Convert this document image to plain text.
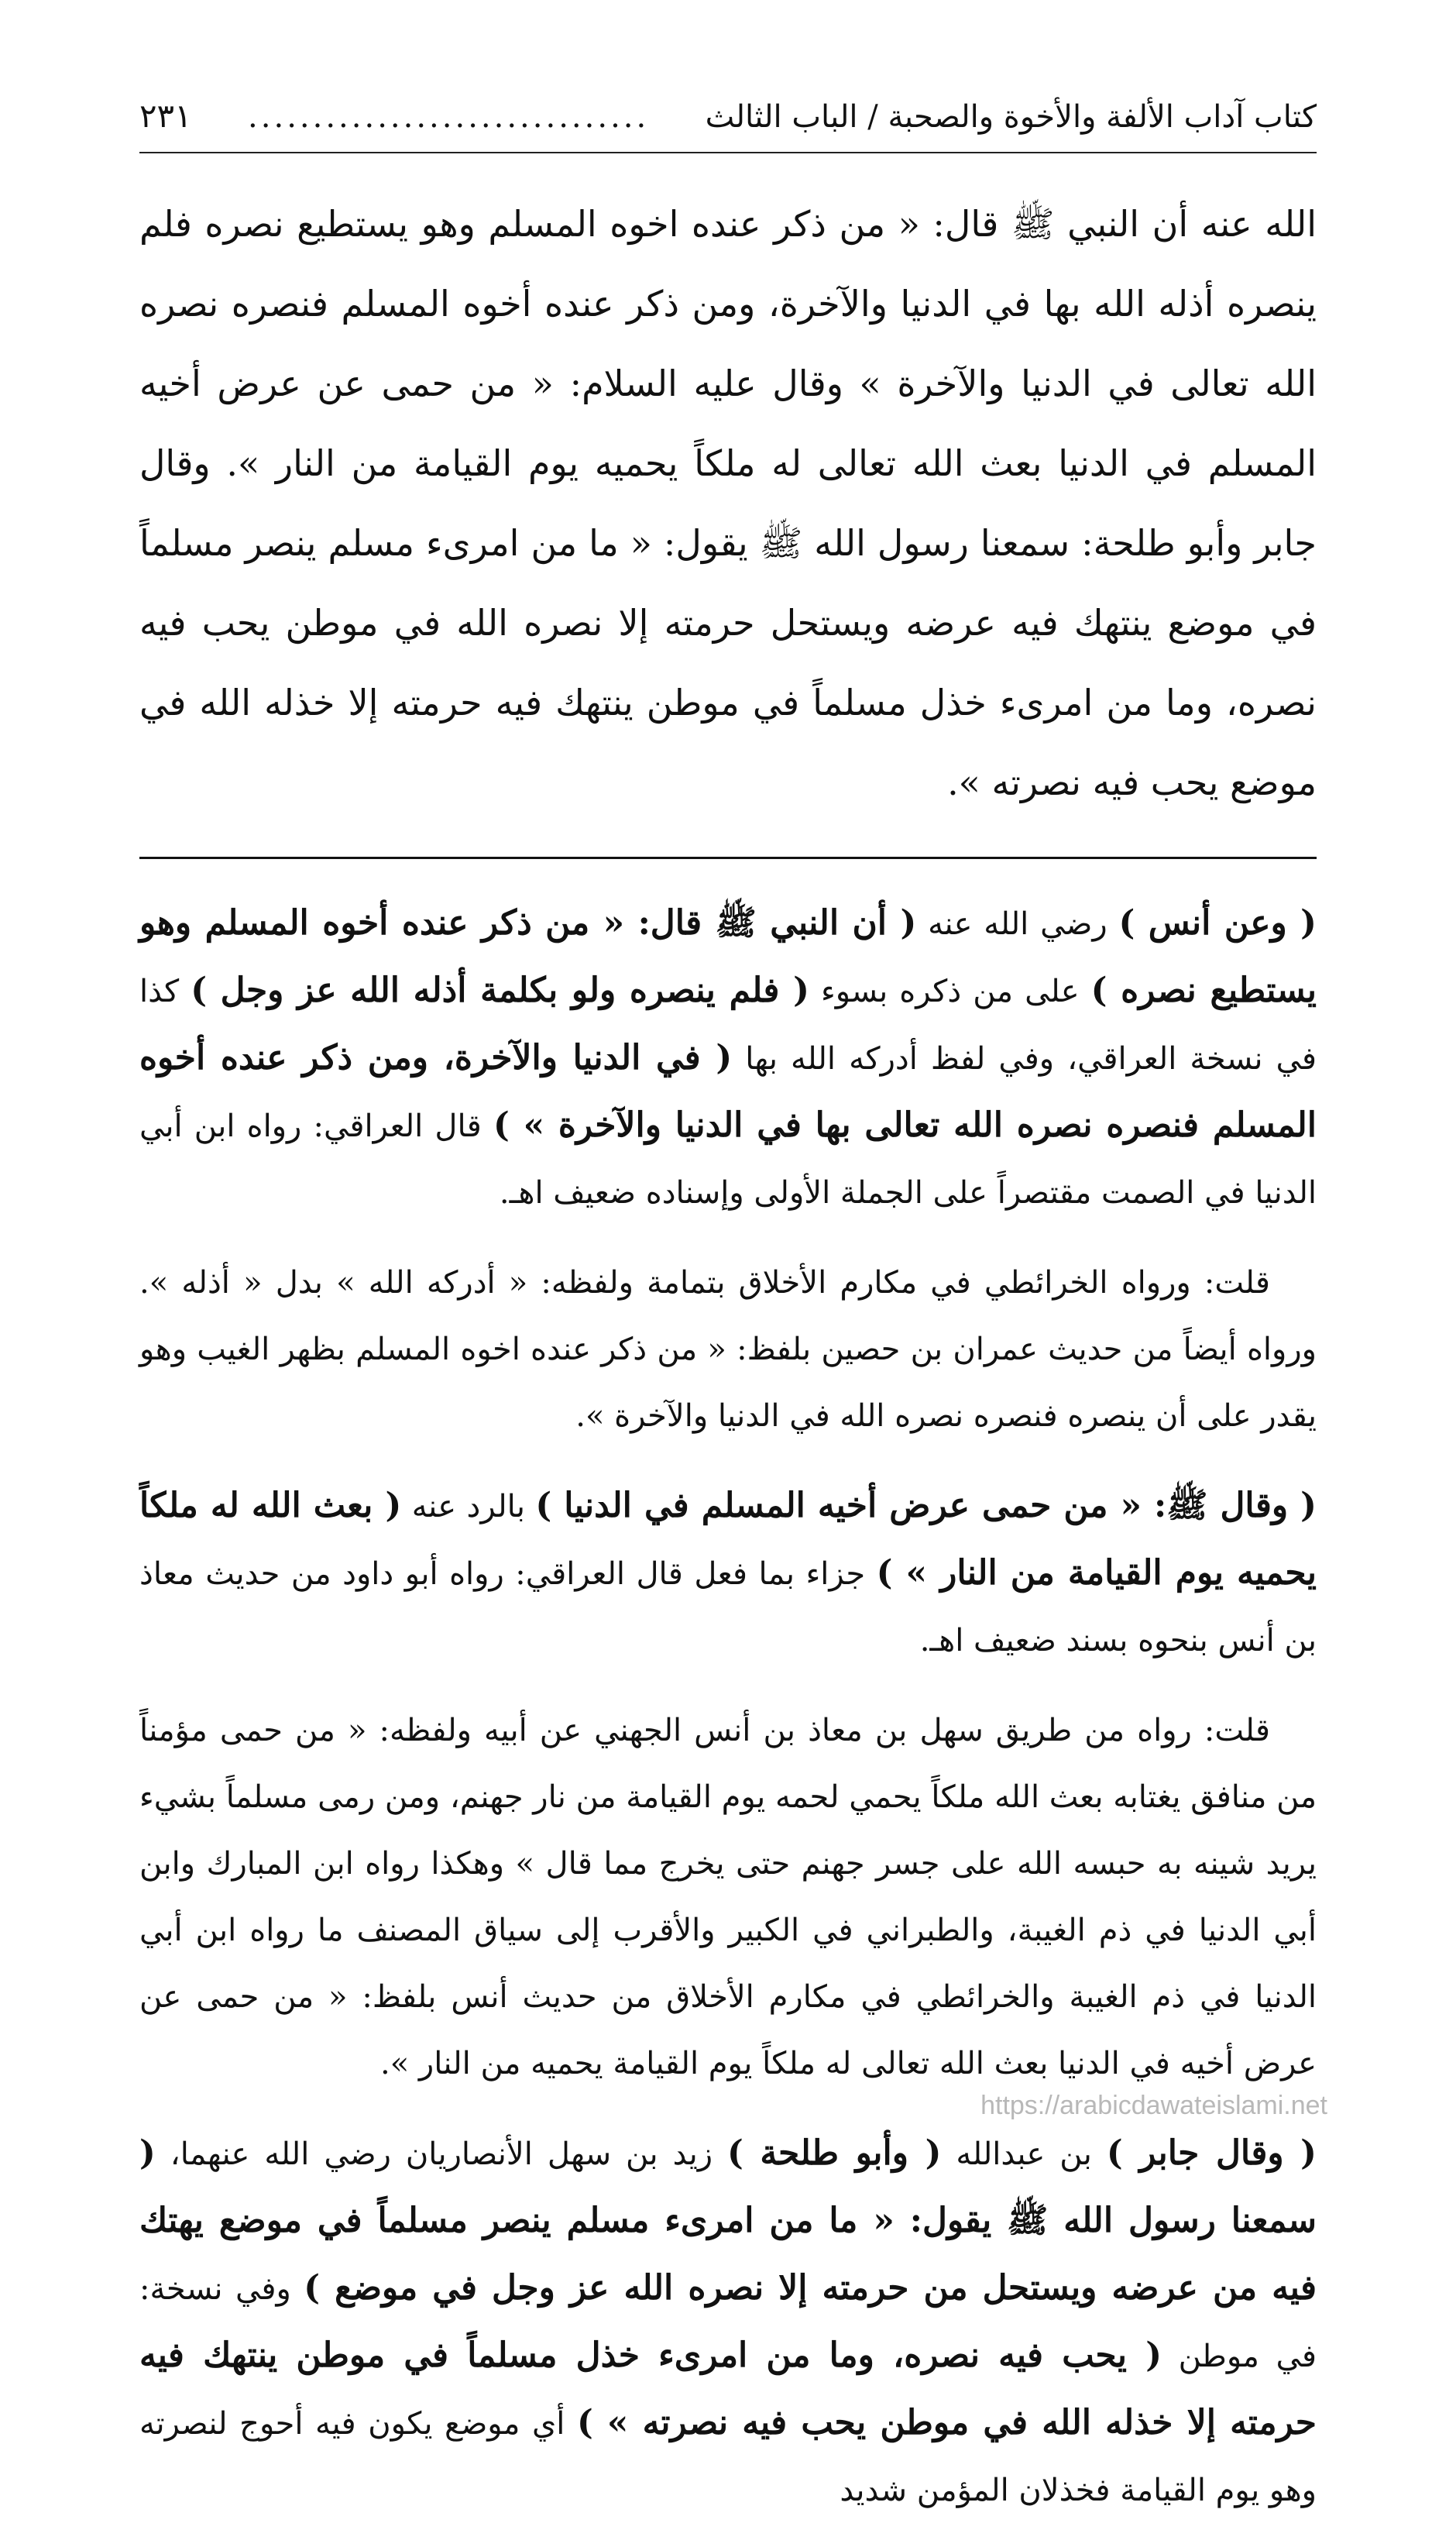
كتاب آداب الألفة والأخوة والصحبة / الباب الثالث
...............................
٢٣١
الله عنه أن النبي ﷺ قال: « من ذكر عنده اخوه المسلم وهو يستطيع نصره فلم ينصره أذله الله بها في الدنيا والآخرة، ومن ذكر عنده أخوه المسلم فنصره نصره الله تعالى في الدنيا والآخرة » وقال عليه السلام: « من حمى عن عرض أخيه المسلم في الدنيا بعث الله تعالى له ملكاً يحميه يوم القيامة من النار ». وقال جابر وأبو طلحة: سمعنا رسول الله ﷺ يقول: « ما من امرىء مسلم ينصر مسلماً في موضع ينتهك فيه عرضه ويستحل حرمته إلا نصره الله في موطن يحب فيه نصره، وما من امرىء خذل مسلماً في موطن ينتهك فيه حرمته إلا خذله الله في موضع يحب فيه نصرته ».

( وعن أنس ) رضي الله عنه ( أن النبي ﷺ قال: « من ذكر عنده أخوه المسلم وهو يستطيع نصره ) على من ذكره بسوء ( فلم ينصره ولو بكلمة أذله الله عز وجل ) كذا في نسخة العراقي، وفي لفظ أدركه الله بها ( في الدنيا والآخرة، ومن ذكر عنده أخوه المسلم فنصره نصره الله تعالى بها في الدنيا والآخرة » ) قال العراقي: رواه ابن أبي الدنيا في الصمت مقتصراً على الجملة الأولى وإسناده ضعيف اهـ.

قلت: ورواه الخرائطي في مكارم الأخلاق بتمامة ولفظه: « أدركه الله » بدل « أذله ». ورواه أيضاً من حديث عمران بن حصين بلفظ: « من ذكر عنده اخوه المسلم بظهر الغيب وهو يقدر على أن ينصره فنصره نصره الله في الدنيا والآخرة ».

( وقال ﷺ: « من حمى عرض أخيه المسلم في الدنيا ) بالرد عنه ( بعث الله له ملكاً يحميه يوم القيامة من النار » ) جزاء بما فعل قال العراقي: رواه أبو داود من حديث معاذ بن أنس بنحوه بسند ضعيف اهـ.

قلت: رواه من طريق سهل بن معاذ بن أنس الجهني عن أبيه ولفظه: « من حمى مؤمناً من منافق يغتابه بعث الله ملكاً يحمي لحمه يوم القيامة من نار جهنم، ومن رمى مسلماً بشيء يريد شينه به حبسه الله على جسر جهنم حتى يخرج مما قال » وهكذا رواه ابن المبارك وابن أبي الدنيا في ذم الغيبة، والطبراني في الكبير والأقرب إلى سياق المصنف ما رواه ابن أبي الدنيا في ذم الغيبة والخرائطي في مكارم الأخلاق من حديث أنس بلفظ: « من حمى عن عرض أخيه في الدنيا بعث الله تعالى له ملكاً يوم القيامة يحميه من النار ».

( وقال جابر ) بن عبدالله ( وأبو طلحة ) زيد بن سهل الأنصاريان رضي الله عنهما، ( سمعنا رسول الله ﷺ يقول: « ما من امرىء مسلم ينصر مسلماً في موضع يهتك فيه من عرضه ويستحل من حرمته إلا نصره الله عز وجل في موضع ) وفي نسخة: في موطن ( يحب فيه نصره، وما من امرىء خذل مسلماً في موطن ينتهك فيه حرمته إلا خذله الله في موطن يحب فيه نصرته » ) أي موضع يكون فيه أحوج لنصرته وهو يوم القيامة فخذلان المؤمن شديد

https://arabicdawateislami.net
